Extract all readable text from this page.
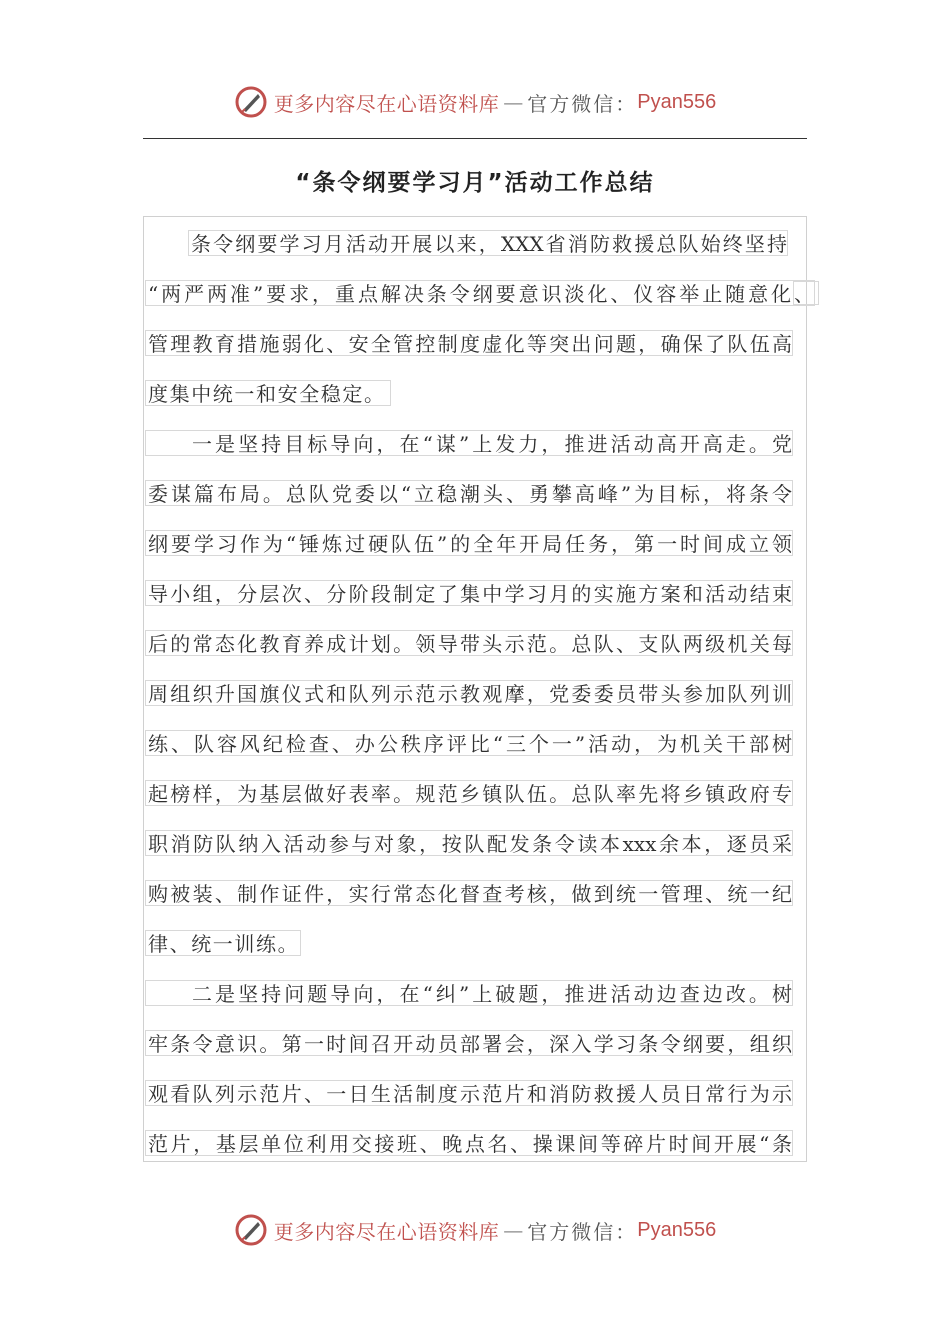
更多内容尽在心语资料库 — 官方微信： Pyan556
“条令纲要学习月”活动工作总结
条令纲要学习月活动开展以来，XXX省消防救援总队始终坚持
“两严两准”要求，重点解决条令纲要意识淡化、仪容举止随意化、
管理教育措施弱化、安全管控制度虚化等突出问题，确保了队伍高
度集中统一和安全稳定。
一是坚持目标导向，在“谋”上发力，推进活动高开高走。党
委谋篇布局。总队党委以“立稳潮头、勇攀高峰”为目标，将条令
纲要学习作为“锤炼过硬队伍”的全年开局任务，第一时间成立领
导小组，分层次、分阶段制定了集中学习月的实施方案和活动结束
后的常态化教育养成计划。领导带头示范。总队、支队两级机关每
周组织升国旗仪式和队列示范示教观摩，党委委员带头参加队列训
练、队容风纪检查、办公秩序评比“三个一”活动，为机关干部树
起榜样，为基层做好表率。规范乡镇队伍。总队率先将乡镇政府专
职消防队纳入活动参与对象，按队配发条令读本xxx余本，逐员采
购被装、制作证件，实行常态化督查考核，做到统一管理、统一纪
律、统一训练。
二是坚持问题导向，在“纠”上破题，推进活动边查边改。树
牢条令意识。第一时间召开动员部署会，深入学习条令纲要，组织
观看队列示范片、一日生活制度示范片和消防救援人员日常行为示
范片，基层单位利用交接班、晚点名、操课间等碎片时间开展“条
更多内容尽在心语资料库 — 官方微信： Pyan556
